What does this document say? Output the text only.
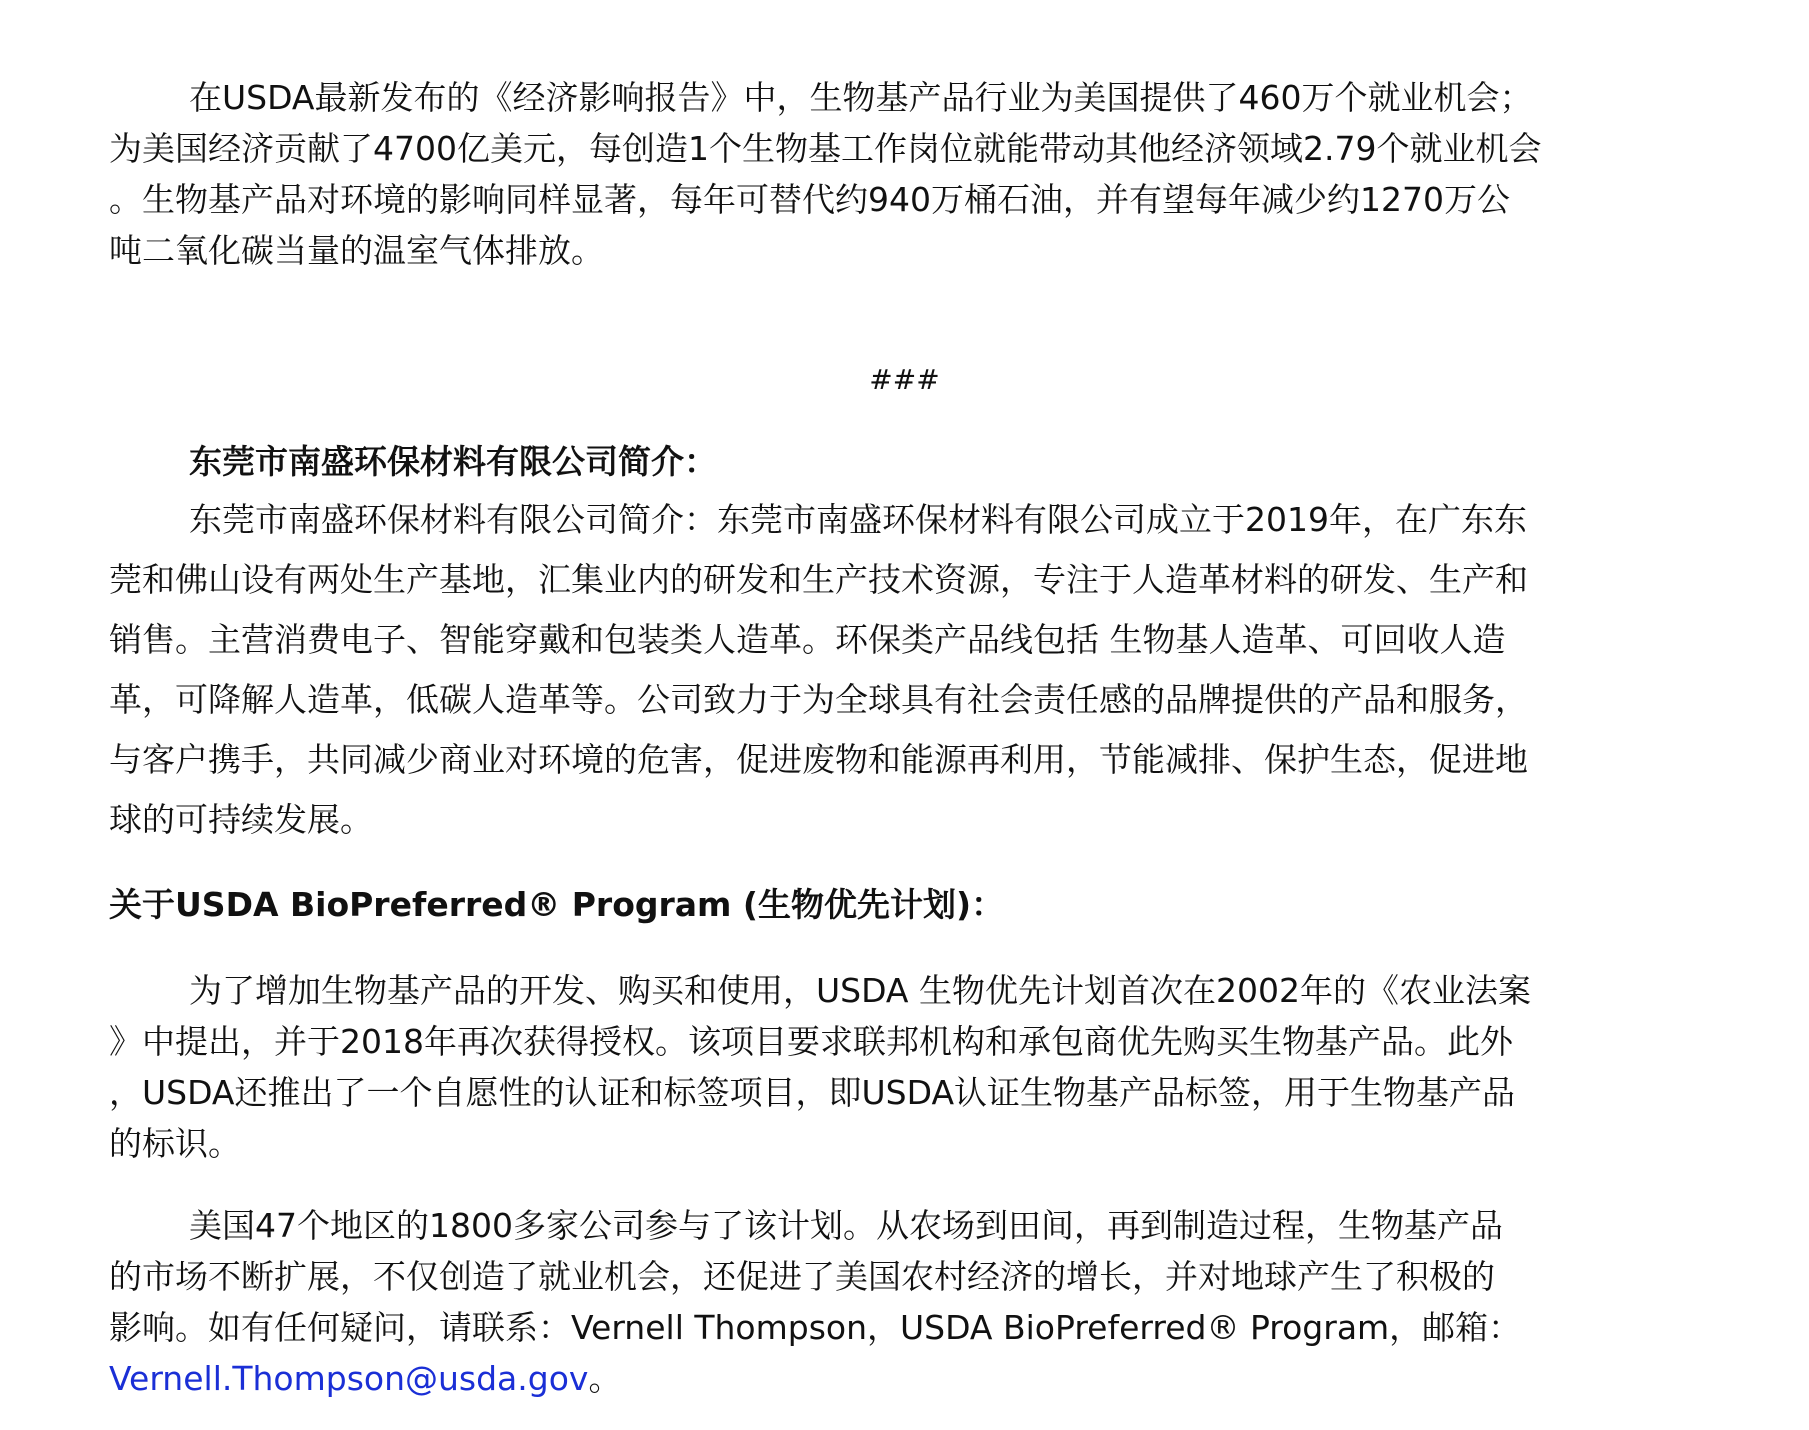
在USDA最新发布的《经济影响报告》中，生物基产品行业为美国提供了460万个就业机会；
为美国经济贡献了4700亿美元，每创造1个生物基工作岗位就能带动其他经济领域2.79个就业机会
。生物基产品对环境的影响同样显著，每年可替代约940万桶石油，并有望每年减少约1270万公
吨二氧化碳当量的温室气体排放。
###
东莞市南盛环保材料有限公司简介：
东莞市南盛环保材料有限公司简介：东莞市南盛环保材料有限公司成立于2019年，在广东东
莞和佛山设有两处生产基地，汇集业内的研发和生产技术资源，专注于人造革材料的研发、生产和
销售。主营消费电子、智能穿戴和包装类人造革。环保类产品线包括 生物基人造革、可回收人造
革，可降解人造革，低碳人造革等。公司致力于为全球具有社会责任感的品牌提供的产品和服务，
与客户携手，共同减少商业对环境的危害，促进废物和能源再利用，节能减排、保护生态，促进地
球的可持续发展。
关于USDA BioPreferred® Program (生物优先计划)：
为了增加生物基产品的开发、购买和使用，USDA 生物优先计划首次在2002年的《农业法案
》中提出，并于2018年再次获得授权。该项目要求联邦机构和承包商优先购买生物基产品。此外
，USDA还推出了一个自愿性的认证和标签项目，即USDA认证生物基产品标签，用于生物基产品
的标识。
美国47个地区的1800多家公司参与了该计划。从农场到田间，再到制造过程，生物基产品
的市场不断扩展，不仅创造了就业机会，还促进了美国农村经济的增长，并对地球产生了积极的
影响。如有任何疑问，请联系：Vernell Thompson，USDA BioPreferred® Program，邮箱：
Vernell.Thompson@usda.gov。
